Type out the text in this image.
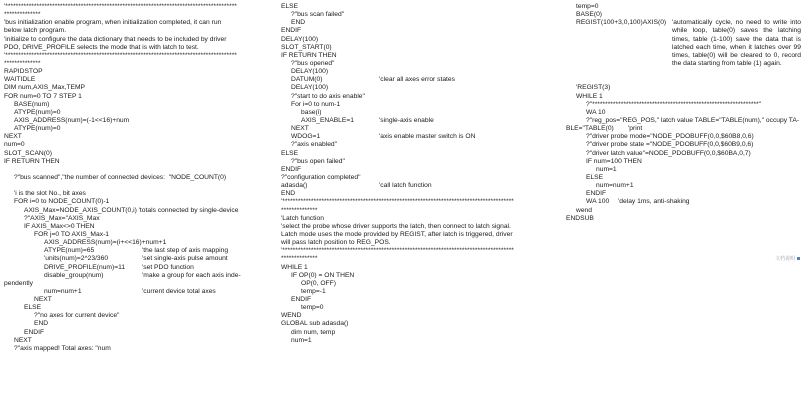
'*****************************************************************************************
**************
'bus initialization enable program, when initialization completed, it can run
below latch program.
'initialize to configure the data dictionary that needs to be included by driver
PDO, DRIVE_PROFILE selects the mode that is with latch to test.
'*****************************************************************************************
**************
RAPIDSTOP
WAITIDLE
DIM num,AXIS_Max,TEMP
FOR num=0 TO 7 STEP 1
BASE(num)
ATYPE(num)=0
AXIS_ADDRESS(num)=(-1<<16)+num
ATYPE(num)=0
NEXT
num=0
SLOT_SCAN(0)
IF RETURN THEN
?"bus scanned","the number of connected devices:  "NODE_COUNT(0)
'i is the slot No., bit axes
FOR i=0 to NODE_COUNT(0)-1
AXIS_Max=NODE_AXIS_COUNT(0,i) 'totals connected by single-device
?"AXIS_Max="AXIS_Max
IF AXIS_Max<>0 THEN
FOR j=0 TO AXIS_Max-1
AXIS_ADDRESS(num)=(i+<<16)+num+1
ATYPE(num)=65	'the last step of axis mapping
'units(num)=2^23/360	'set single-axis pulse amount
DRIVE_PROFILE(num)=11	'set PDO function
disable_group(num)	'make a group for each axis inde-
pendently
num=num+1	'current device total axes
NEXT
ELSE
?"no axes for current device"
END
ENDIF
NEXT
?"axis mapped! Total axes: "num
ELSE
?"bus scan failed"
END
ENDIF
DELAY(100)
SLOT_START(0)
IF RETURN THEN
?"bus opened"
DELAY(100)
DATUM(0)	'clear all axes error states
DELAY(100)
?"start to do axis enable"
For i=0 to num-1
base(i)
AXIS_ENABLE=1	'single-axis enable
NEXT
WDOG=1	'axis enable master switch is ON
?"axis enabled"
ELSE
?"bus open failed"
ENDIF
?"configuration completed"
adasda()	'call latch function
END
'*****************************************************************************************
**************
'Latch function
'select the probe whose driver supports the latch, then connect to latch signal.
Latch mode uses the mode provided by REGIST, after latch is triggered, driver
will pass latch position to REG_POS.
'*****************************************************************************************
**************
WHILE 1
IF OP(0) = ON THEN
OP(0, OFF)
temp=-1
ENDIF
temp=0
WEND
GLOBAL sub adasda()
dim num, temp
num=1
temp=0
BASE(0)
REGIST(100+3,0,100)AXIS(0) 'automatically cycle, no need to write into while loop, table(0) saves the latching times, table (1-100) save the data that is latched each time, when it latches over 99 times, table(0) will be cleared to 0, record the data starting from table (1) again.
'REGIST(3)
WHILE 1
?"****************************************************************"
WA 10
?"reg_pos="REG_POS," latch value TABLE="TABLE(num)," occupy TA-
BLE="TABLE(0) 'print
?"driver probe mode="NODE_PDOBUFF(0,0,$60B8,0,6)
?"driver probe state ="NODE_PDOBUFF(0,0,$60B9,0,6)
?"driver latch value"=NODE_PDOBUFF(0,0,$60BA,0,7)
IF num=100 THEN
num=1
ELSE
num=num+1
ENDIF
WA 100 'delay 1ms, anti-shaking
wend
ENDSUB
文档说明
